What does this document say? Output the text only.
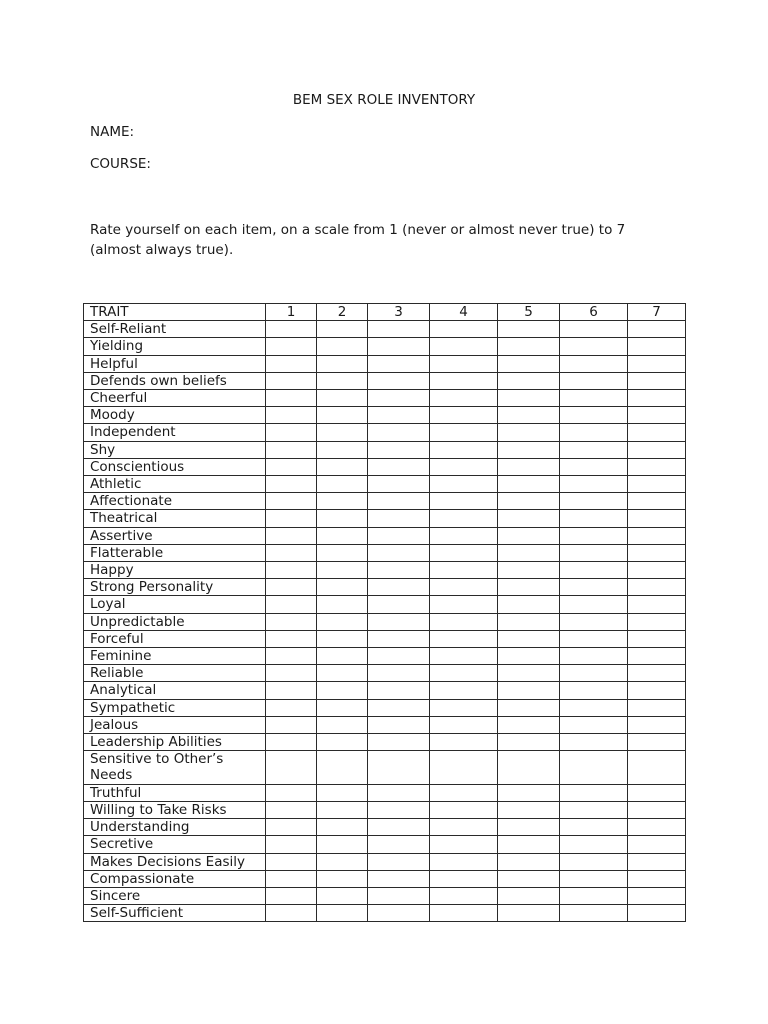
BEM SEX ROLE INVENTORY
NAME:
COURSE:
Rate yourself on each item, on a scale from 1 (never or almost never true) to 7 (almost always true).
TRAIT	1	2	3	4	5	6	7
Self-Reliant							
Yielding							
Helpful							
Defends own beliefs							
Cheerful							
Moody							
Independent							
Shy							
Conscientious							
Athletic							
Affectionate							
Theatrical							
Assertive							
Flatterable							
Happy							
Strong Personality							
Loyal							
Unpredictable							
Forceful							
Feminine							
Reliable							
Analytical							
Sympathetic							
Jealous							
Leadership Abilities							
Sensitive to Other’s Needs							
Truthful							
Willing to Take Risks							
Understanding							
Secretive							
Makes Decisions Easily							
Compassionate							
Sincere							
Self-Sufficient							
